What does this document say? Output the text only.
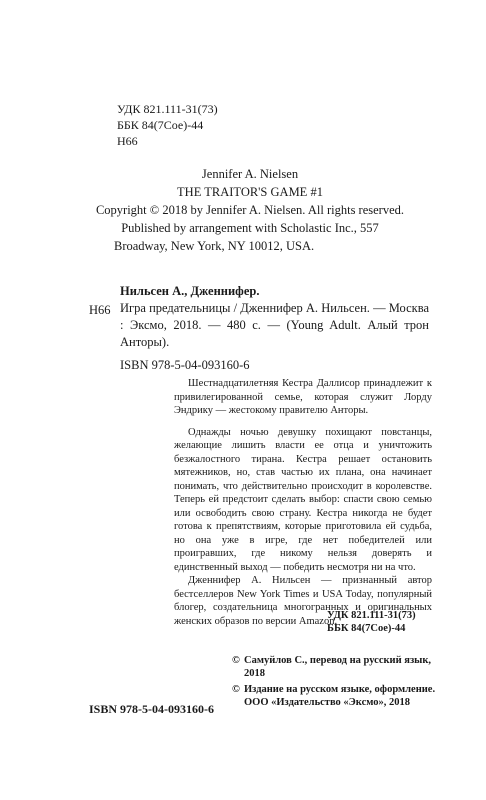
УДК 821.111-31(73)
ББК 84(7Сое)-44
Н66
Jennifer A. Nielsen
THE TRAITOR'S GAME #1
Copyright © 2018 by Jennifer A. Nielsen. All rights reserved.
Published by arrangement with Scholastic Inc., 557
Broadway, New York, NY 10012, USA.
Нильсен А., Дженнифер.
Н66 Игра предательницы / Дженнифер А. Нильсен. — Москва : Эксмо, 2018. — 480 с. — (Young Adult. Алый трон Анторы).
ISBN 978-5-04-093160-6

Шестнадцатилетняя Кестра Даллисор принадлежит к привилегированной семье, которая служит Лорду Эндрику — жестокому правителю Анторы.

Однажды ночью девушку похищают повстанцы, желающие лишить власти ее отца и уничтожить безжалостного тирана. Кестра решает остановить мятежников, но, став частью их плана, она начинает понимать, что действительно происходит в королевстве. Теперь ей предстоит сделать выбор: спасти свою семью или освободить свою страну. Кестра никогда не будет готова к препятствиям, которые приготовила ей судьба, но она уже в игре, где нет победителей или проигравших, где никому нельзя доверять и единственный выход — победить несмотря ни на что.

Дженнифер А. Нильсен — признанный автор бестселлеров New York Times и USA Today, популярный блогер, создательница многогранных и оригинальных женских образов по версии Amazon.

УДК 821.111-31(73)
ББК 84(7Сое)-44
© Самуйлов С., перевод на русский язык, 2018
© Издание на русском языке, оформление. ООО «Издательство «Эксмо», 2018
ISBN 978-5-04-093160-6
